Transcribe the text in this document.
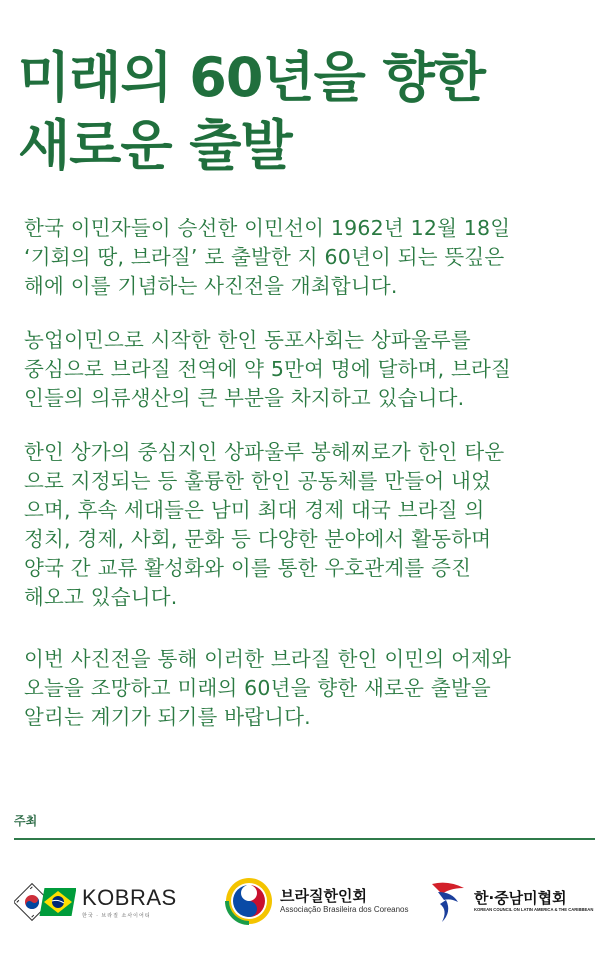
미래의 60년을 향한
새로운 출발
한국 이민자들이 승선한 이민선이 1962년 12월 18일
‘기회의 땅, 브라질’ 로 출발한 지 60년이 되는 뜻깊은
해에 이를 기념하는 사진전을 개최합니다.
농업이민으로 시작한 한인 동포사회는 상파울루를
중심으로 브라질 전역에 약 5만여 명에 달하며, 브라질
인들의 의류생산의 큰 부분을 차지하고 있습니다.
한인 상가의 중심지인 상파울루 봉헤찌로가 한인 타운
으로 지정되는 등 훌륭한 한인 공동체를 만들어 내었
으며, 후속 세대들은 남미 최대 경제 대국 브라질 의
정치, 경제, 사회, 문화 등 다양한 분야에서 활동하며
양국 간 교류 활성화와 이를 통한 우호관계를 증진
해오고 있습니다.
이번 사진전을 통해 이러한 브라질 한인 이민의 어제와
오늘을 조망하고 미래의 60년을 향한 새로운 출발을
알리는 계기가 되기를 바랍니다.
주최
KOBRAS
한국 · 브라질 소사이어티
브라질한인회
Associação Brasileira dos Coreanos
한·중남미협회
KOREAN COUNCIL ON LATIN AMERICA & THE CARIBBEAN
